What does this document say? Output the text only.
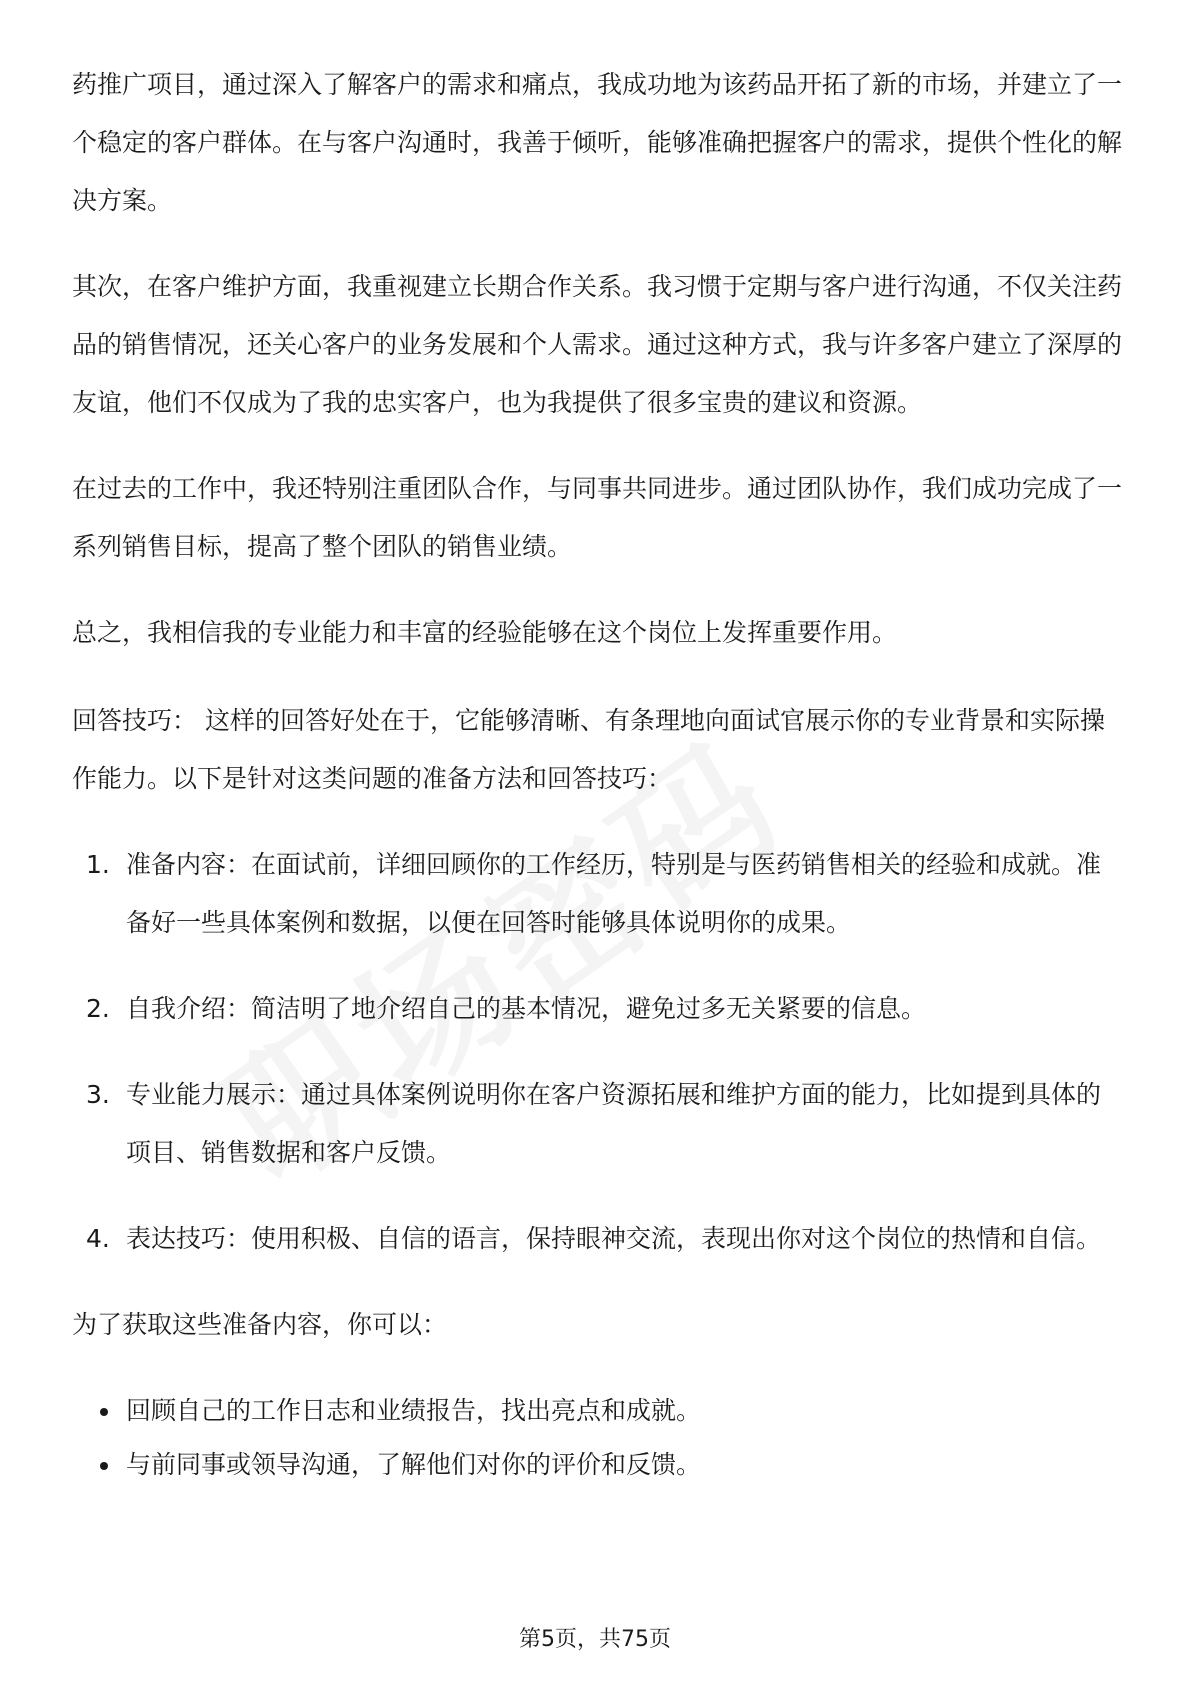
药推广项目，通过深入了解客户的需求和痛点，我成功地为该药品开拓了新的市场，并建立了一个稳定的客户群体。在与客户沟通时，我善于倾听，能够准确把握客户的需求，提供个性化的解决方案。

其次，在客户维护方面，我重视建立长期合作关系。我习惯于定期与客户进行沟通，不仅关注药品的销售情况，还关心客户的业务发展和个人需求。通过这种方式，我与许多客户建立了深厚的友谊，他们不仅成为了我的忠实客户，也为我提供了很多宝贵的建议和资源。

在过去的工作中，我还特别注重团队合作，与同事共同进步。通过团队协作，我们成功完成了一系列销售目标，提高了整个团队的销售业绩。

总之，我相信我的专业能力和丰富的经验能够在这个岗位上发挥重要作用。

回答技巧： 这样的回答好处在于，它能够清晰、有条理地向面试官展示你的专业背景和实际操作能力。以下是针对这类问题的准备方法和回答技巧：

1. 准备内容：在面试前，详细回顾你的工作经历，特别是与医药销售相关的经验和成就。准备好一些具体案例和数据，以便在回答时能够具体说明你的成果。
2. 自我介绍：简洁明了地介绍自己的基本情况，避免过多无关紧要的信息。
3. 专业能力展示：通过具体案例说明你在客户资源拓展和维护方面的能力，比如提到具体的项目、销售数据和客户反馈。
4. 表达技巧：使用积极、自信的语言，保持眼神交流，表现出你对这个岗位的热情和自信。

为了获取这些准备内容，你可以：

回顾自己的工作日志和业绩报告，找出亮点和成就。
与前同事或领导沟通，了解他们对你的评价和反馈。
第5页，共75页
